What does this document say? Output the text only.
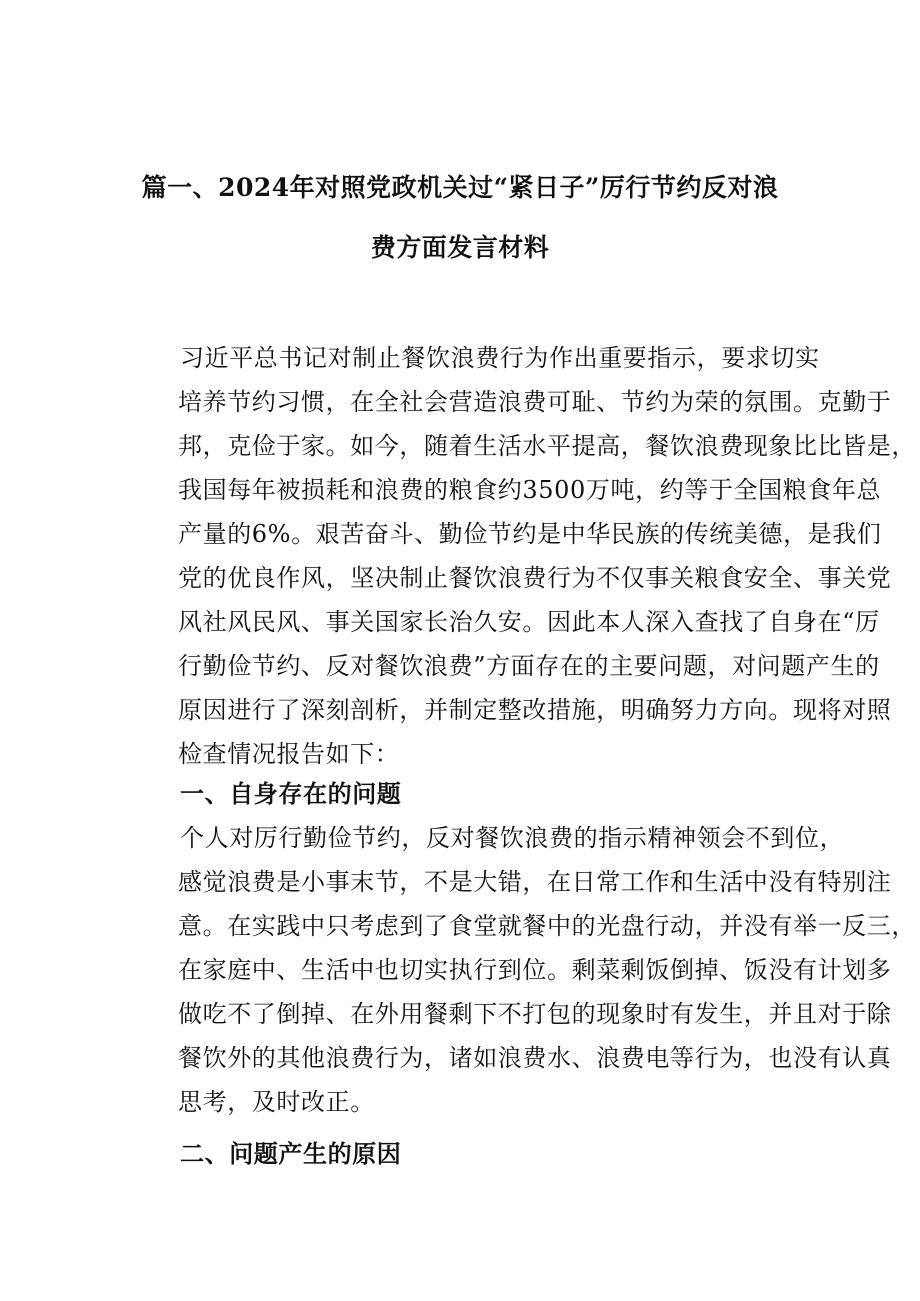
篇一、2024年对照党政机关过“紧日子”厉行节约反对浪
费方面发言材料
习近平总书记对制止餐饮浪费行为作出重要指示，要求切实
培养节约习惯，在全社会营造浪费可耻、节约为荣的氛围。克勤于
邦，克俭于家。如今，随着生活水平提高，餐饮浪费现象比比皆是，
我国每年被损耗和浪费的粮食约3500万吨，约等于全国粮食年总
产量的6%。艰苦奋斗、勤俭节约是中华民族的传统美德，是我们
党的优良作风，坚决制止餐饮浪费行为不仅事关粮食安全、事关党
风社风民风、事关国家长治久安。因此本人深入查找了自身在“厉
行勤俭节约、反对餐饮浪费”方面存在的主要问题，对问题产生的
原因进行了深刻剖析，并制定整改措施，明确努力方向。现将对照
检查情况报告如下：
一、自身存在的问题
个人对厉行勤俭节约，反对餐饮浪费的指示精神领会不到位，
感觉浪费是小事末节，不是大错，在日常工作和生活中没有特别注
意。在实践中只考虑到了食堂就餐中的光盘行动，并没有举一反三，
在家庭中、生活中也切实执行到位。剩菜剩饭倒掉、饭没有计划多
做吃不了倒掉、在外用餐剩下不打包的现象时有发生，并且对于除
餐饮外的其他浪费行为，诸如浪费水、浪费电等行为，也没有认真
思考，及时改正。
二、问题产生的原因
